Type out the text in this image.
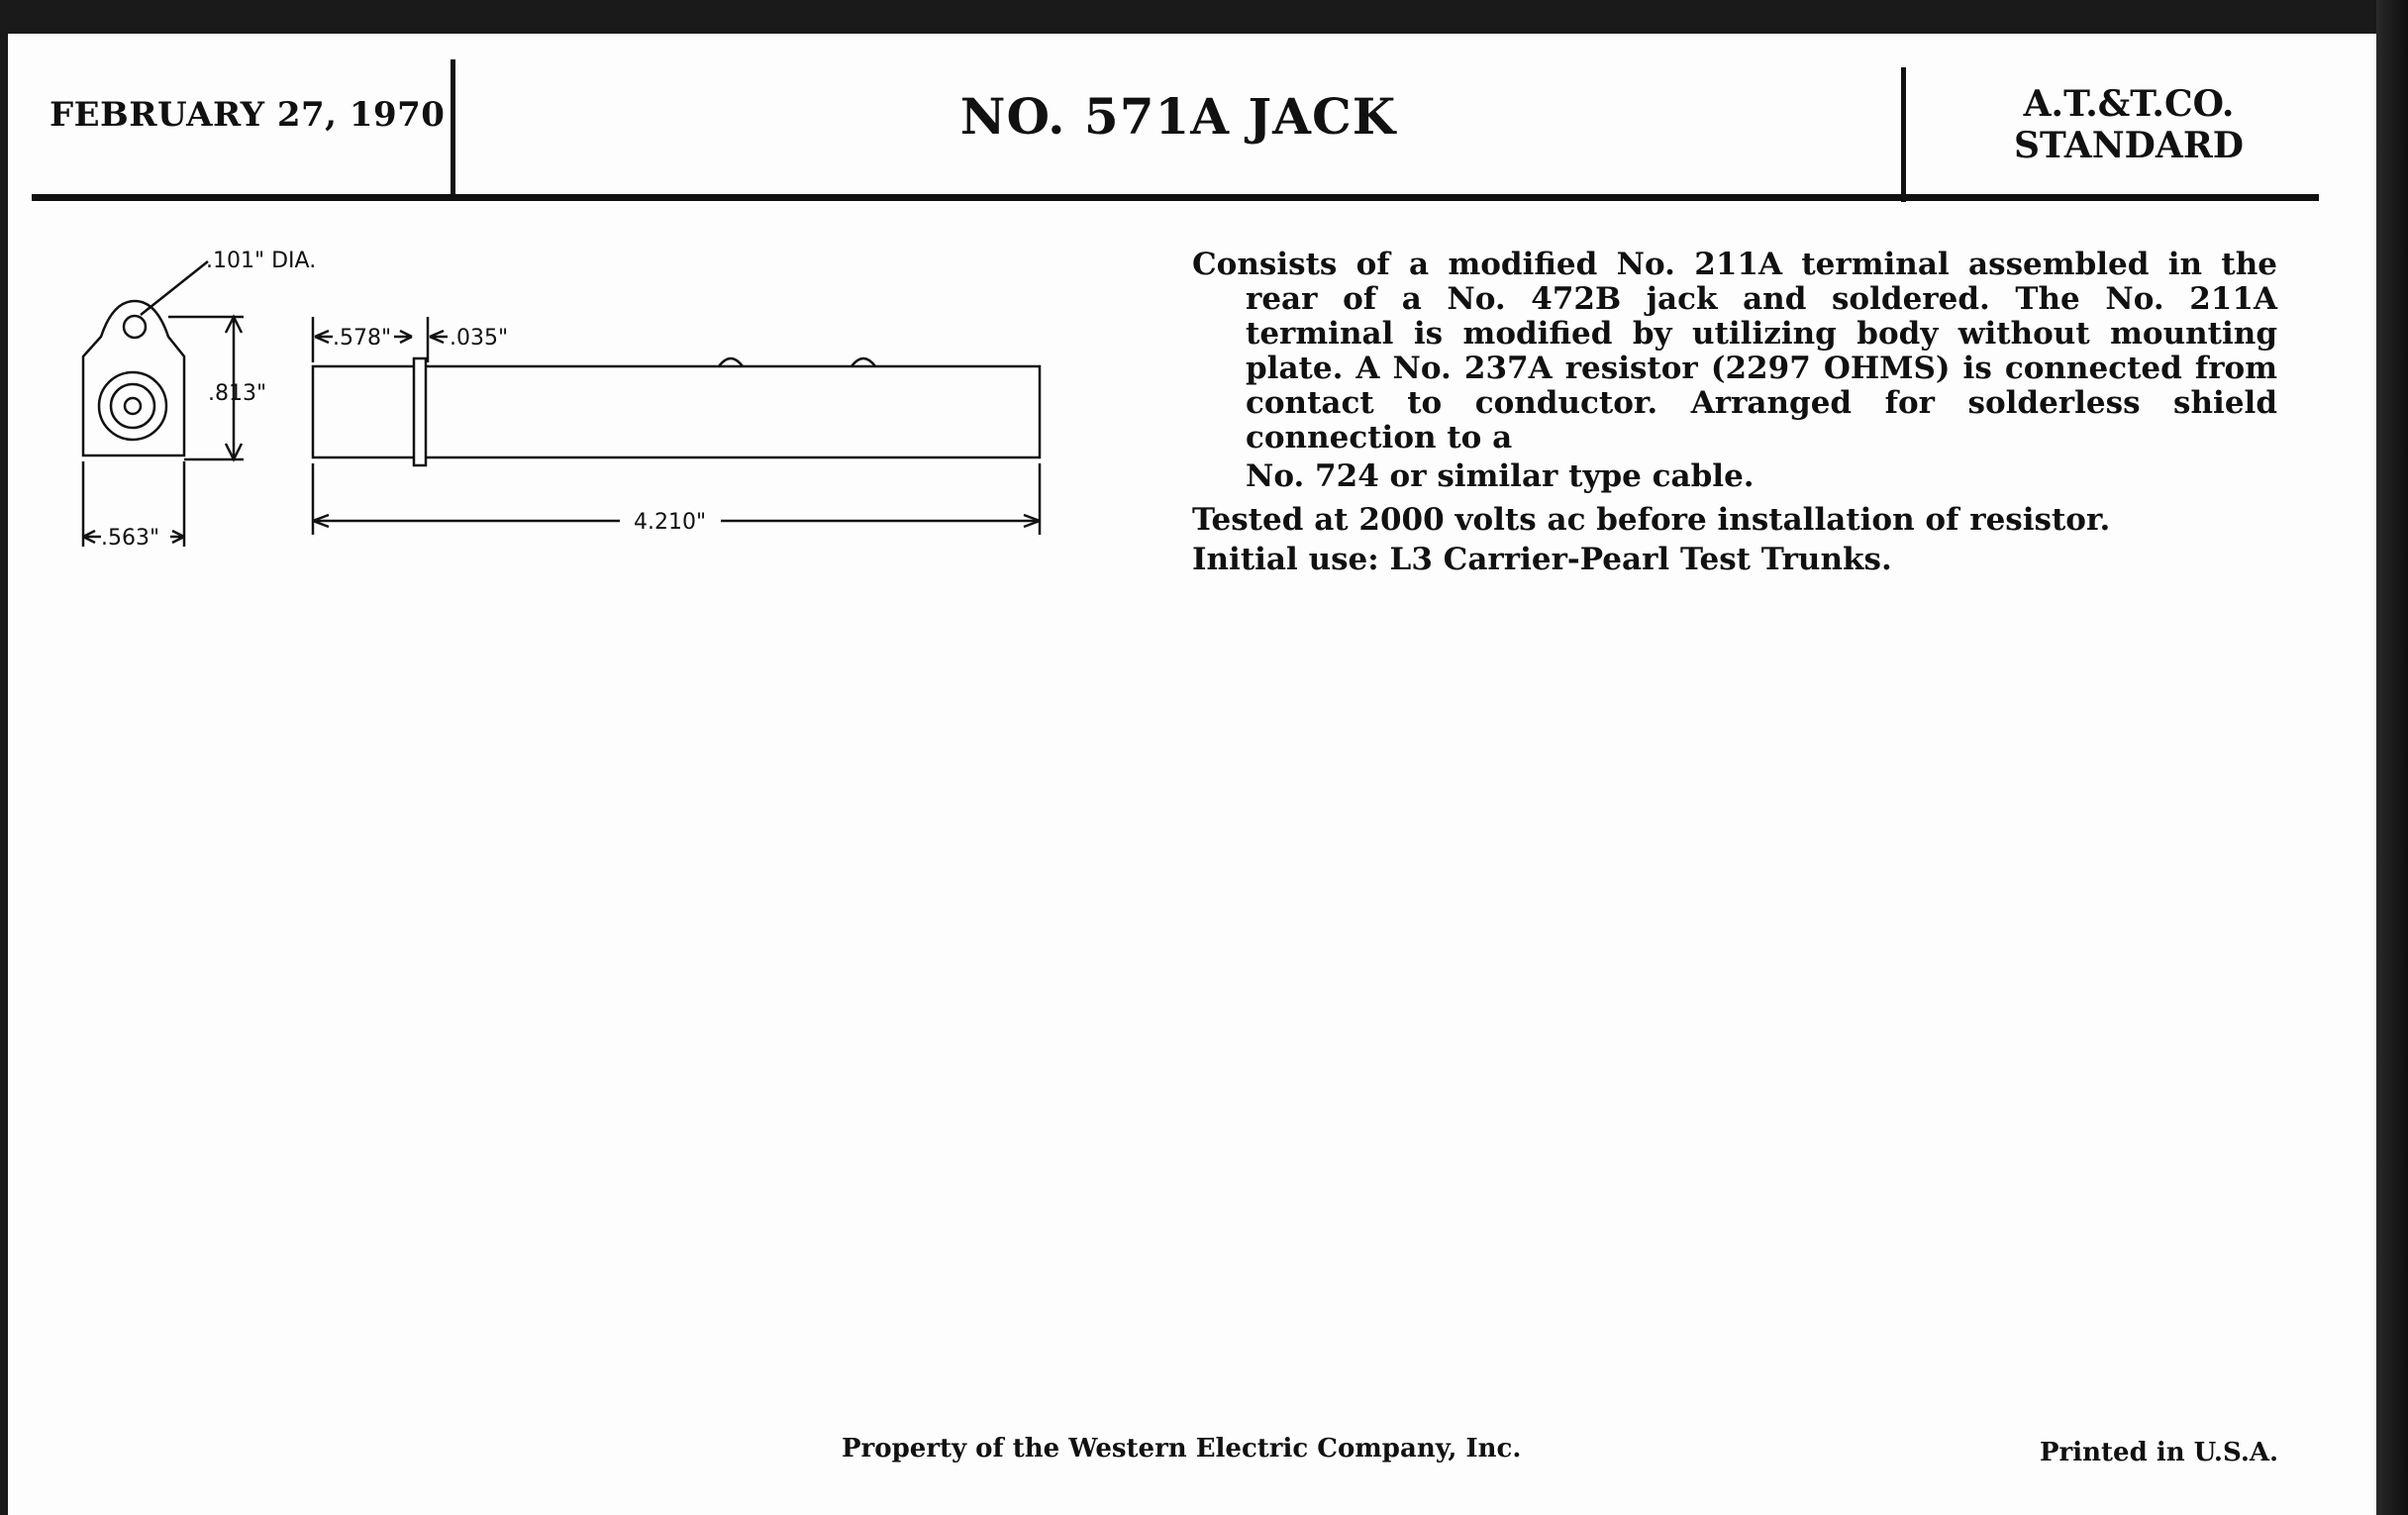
FEBRUARY 27, 1970	NO. 571A JACK	A.T.&T.CO.
STANDARD
.101" DIA.
.813"
.563"
.578"	.035"
4.210"

Consists of a modified No. 211A terminal assembled in the rear of a No. 472B jack and soldered. The No. 211A terminal is modified by utilizing body without mounting plate. A No. 237A resistor (2297 OHMS) is connected from contact to conductor. Arranged for solderless shield connection to a

No. 724 or similar type cable.

Tested at 2000 volts ac before installation of resistor.

Initial use: L3 Carrier-Pearl Test Trunks.

Property of the Western Electric Company, Inc.	Printed in U.S.A.
